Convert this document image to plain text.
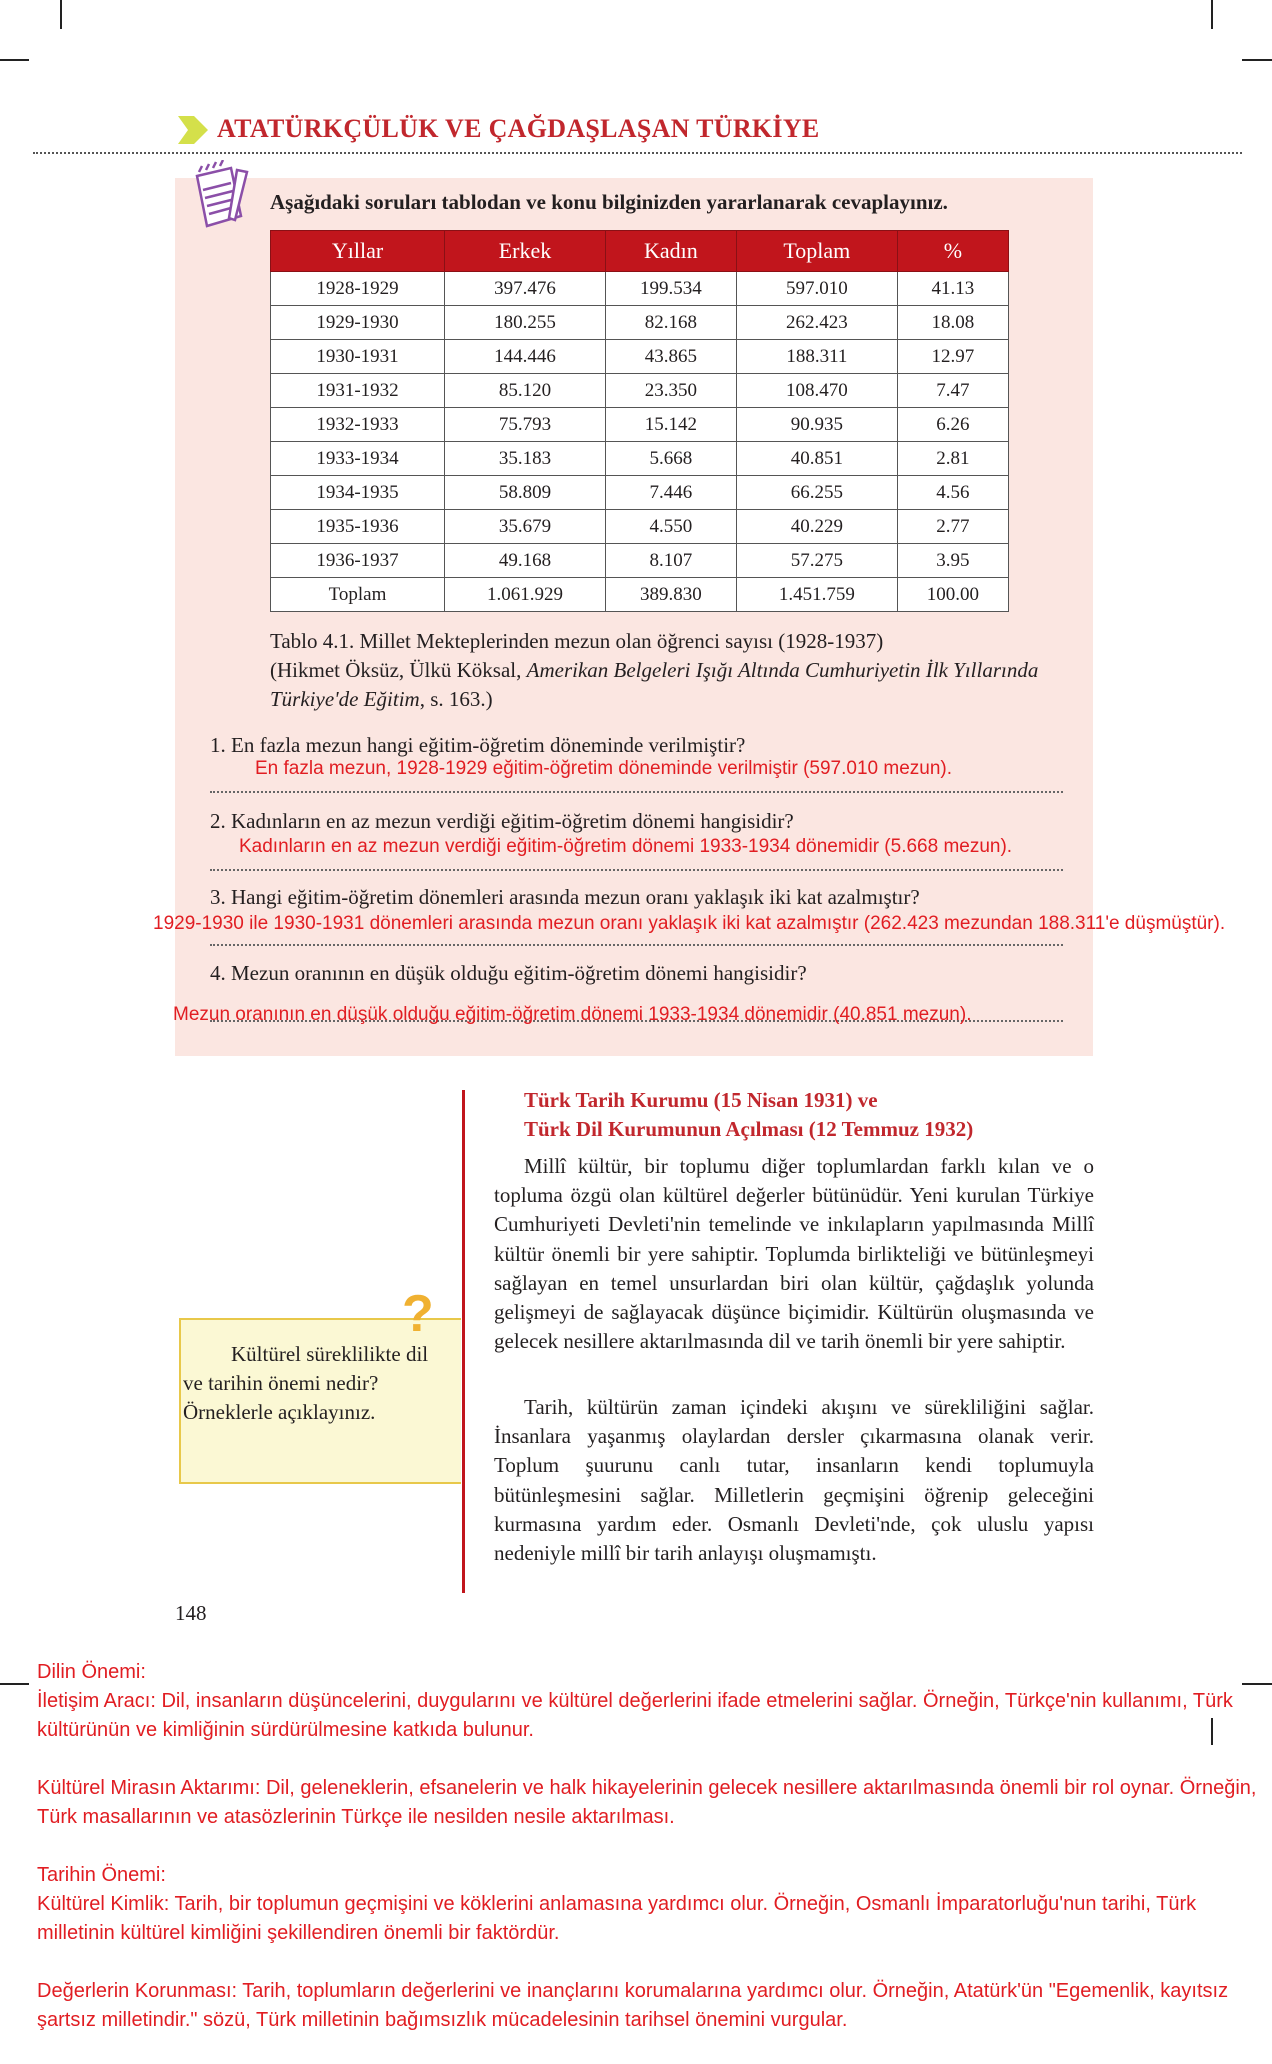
ATATÜRKÇÜLÜK VE ÇAĞDAŞLAŞAN TÜRKİYE
Aşağıdaki soruları tablodan ve konu bilginizden yararlanarak cevaplayınız.
Yıllar	Erkek	Kadın	Toplam	%
1928-1929	397.476	199.534	597.010	41.13
1929-1930	180.255	82.168	262.423	18.08
1930-1931	144.446	43.865	188.311	12.97
1931-1932	85.120	23.350	108.470	7.47
1932-1933	75.793	15.142	90.935	6.26
1933-1934	35.183	5.668	40.851	2.81
1934-1935	58.809	7.446	66.255	4.56
1935-1936	35.679	4.550	40.229	2.77
1936-1937	49.168	8.107	57.275	3.95
Toplam	1.061.929	389.830	1.451.759	100.00
Tablo 4.1. Millet Mekteplerinden mezun olan öğrenci sayısı (1928-1937)
(Hikmet Öksüz, Ülkü Köksal, Amerikan Belgeleri Işığı Altında Cumhuriyetin İlk Yıllarında Türkiye'de Eğitim, s. 163.)
1. En fazla mezun hangi eğitim-öğretim döneminde verilmiştir?
En fazla mezun, 1928-1929 eğitim-öğretim döneminde verilmiştir (597.010 mezun).
2. Kadınların en az mezun verdiği eğitim-öğretim dönemi hangisidir?
Kadınların en az mezun verdiği eğitim-öğretim dönemi 1933-1934 dönemidir (5.668 mezun).
3. Hangi eğitim-öğretim dönemleri arasında mezun oranı yaklaşık iki kat azalmıştır?
1929-1930 ile 1930-1931 dönemleri arasında mezun oranı yaklaşık iki kat azalmıştır (262.423 mezundan 188.311'e düşmüştür).
4. Mezun oranının en düşük olduğu eğitim-öğretim dönemi hangisidir?
Mezun oranının en düşük olduğu eğitim-öğretim dönemi 1933-1934 dönemidir (40.851 mezun).
Türk Tarih Kurumu (15 Nisan 1931) ve
Türk Dil Kurumunun Açılması (12 Temmuz 1932)
Millî kültür, bir toplumu diğer toplumlardan farklı kılan ve o topluma özgü olan kültürel değerler bütünüdür. Yeni kurulan Türkiye Cumhuriyeti Devleti'nin temelinde ve inkılapların yapılmasında Millî kültür önemli bir yere sahiptir. Toplumda birlikteliği ve bütünleşmeyi sağlayan en temel unsurlardan biri olan kültür, çağdaşlık yolunda gelişmeyi de sağlayacak düşünce biçimidir. Kültürün oluşmasında ve gelecek nesillere aktarılmasında dil ve tarih önemli bir yere sahiptir.
Tarih, kültürün zaman içindeki akışını ve sürekliliğini sağlar. İnsanlara yaşanmış olaylardan dersler çıkarmasına olanak verir. Toplum şuurunu canlı tutar, insanların kendi toplumuyla bütünleşmesini sağlar. Milletlerin geçmişini öğrenip geleceğini kurmasına yardım eder. Osmanlı Devleti'nde, çok uluslu yapısı nedeniyle millî bir tarih anlayışı oluşmamıştı.
?
Kültürel süreklilikte dil ve tarihin önemi nedir? Örneklerle açıklayınız.
148

Dilin Önemi:

İletişim Aracı: Dil, insanların düşüncelerini, duygularını ve kültürel değerlerini ifade etmelerini sağlar. Örneğin, Türkçe'nin kullanımı, Türk kültürünün ve kimliğinin sürdürülmesine katkıda bulunur.

Kültürel Mirasın Aktarımı: Dil, geleneklerin, efsanelerin ve halk hikayelerinin gelecek nesillere aktarılmasında önemli bir rol oynar. Örneğin, Türk masallarının ve atasözlerinin Türkçe ile nesilden nesile aktarılması.

Tarihin Önemi:

Kültürel Kimlik: Tarih, bir toplumun geçmişini ve köklerini anlamasına yardımcı olur. Örneğin, Osmanlı İmparatorluğu'nun tarihi, Türk milletinin kültürel kimliğini şekillendiren önemli bir faktördür.

Değerlerin Korunması: Tarih, toplumların değerlerini ve inançlarını korumalarına yardımcı olur. Örneğin, Atatürk'ün "Egemenlik, kayıtsız şartsız milletindir." sözü, Türk milletinin bağımsızlık mücadelesinin tarihsel önemini vurgular.
